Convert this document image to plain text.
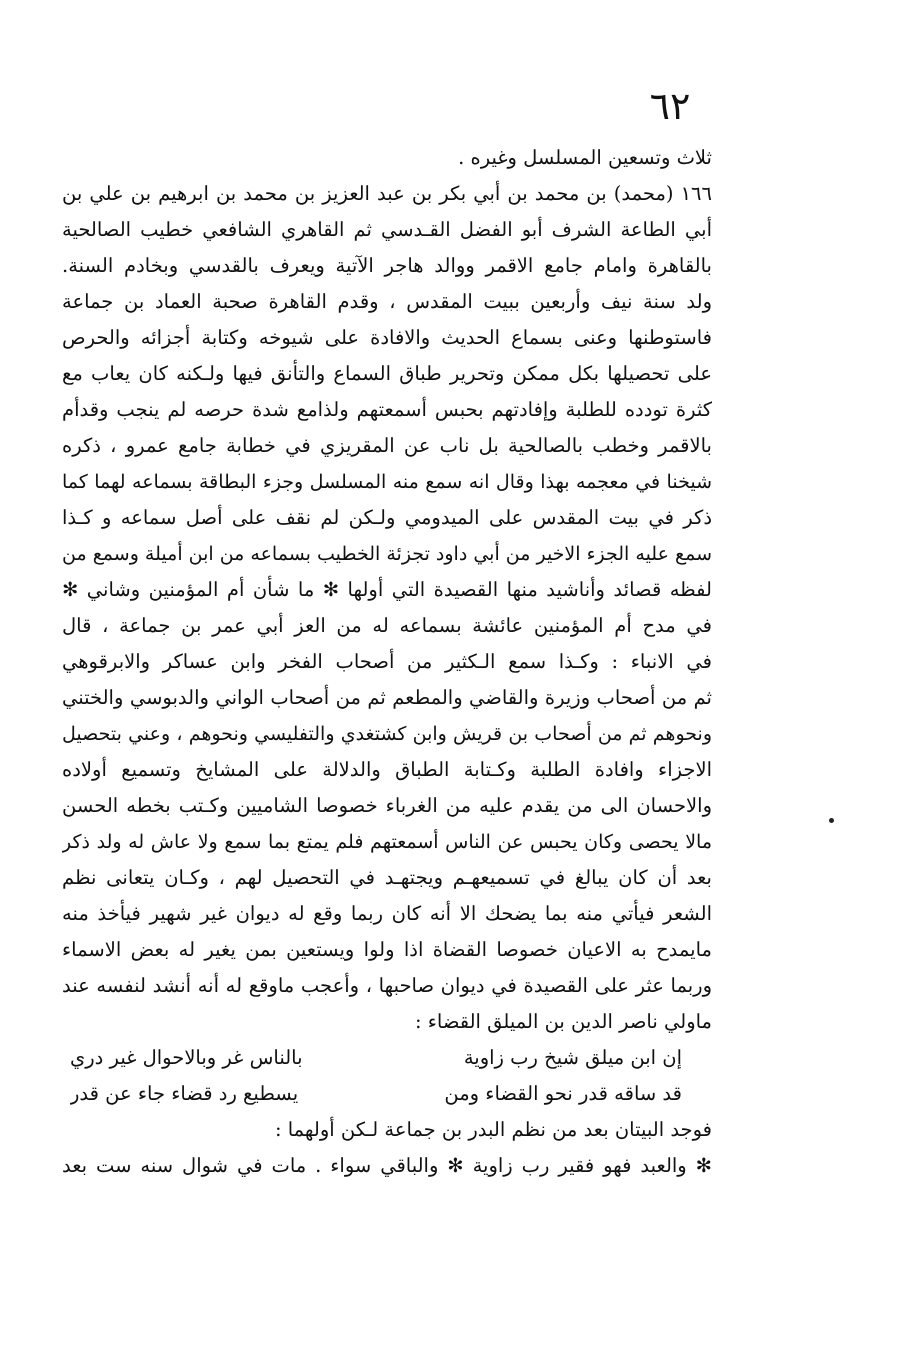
٦٢
ثلاث وتسعين المسلسل وغيره .
١٦٦ (محمد) بن محمد بن أبي بكر بن عبد العزيز بن محمد بن ابرهيم بن علي بن
أبي الطاعة الشرف أبو الفضل القـدسي ثم القاهري الشافعي خطيب الصالحية
بالقاهرة وامام جامع الاقمر ووالد هاجر الآتية ويعرف بالقدسي وبخادم السنة.
ولد سنة نيف وأربعين ببيت المقدس ، وقدم القاهرة صحبة العماد بن جماعة
فاستوطنها وعنى بسماع الحديث والافادة على شيوخه وكتابة أجزائه والحرص
على تحصيلها بكل ممكن وتحرير طباق السماع والتأنق فيها ولـكنه كان يعاب مع
كثرة تودده للطلبة وإفادتهم بحبس أسمعتهم ولذامع شدة حرصه لم ينجب وقدأم
بالاقمر وخطب بالصالحية بل ناب عن المقريزي في خطابة جامع عمرو ، ذكره
شيخنا في معجمه بهذا وقال انه سمع منه المسلسل وجزء البطاقة بسماعه لهما كما
ذكر في بيت المقدس على الميدومي ولـكن لم نقف على أصل سماعه و كـذا
سمع عليه الجزء الاخير من أبي داود تجزئة الخطيب بسماعه من ابن أميلة وسمع من
لفظه قصائد وأناشيد منها القصيدة التي أولها ✻ ما شأن أم المؤمنين وشاني ✻
في مدح أم المؤمنين عائشة بسماعه له من العز أبي عمر بن جماعة ، قال
في الانباء : وكـذا سمع الـكثير من أصحاب الفخر وابن عساكر والابرقوهي
ثم من أصحاب وزيرة والقاضي والمطعم ثم من أصحاب الواني والدبوسي والختني
ونحوهم ثم من أصحاب بن قريش وابن كشتغدي والتفليسي ونحوهم ، وعني بتحصيل
الاجزاء وافادة الطلبة وكـتابة الطباق والدلالة على المشايخ وتسميع أولاده
والاحسان الى من يقدم عليه من الغرباء خصوصا الشاميين وكـتب بخطه الحسن
مالا يحصى وكان يحبس عن الناس أسمعتهم فلم يمتع بما سمع ولا عاش له ولد ذكر
بعد أن كان يبالغ في تسميعهـم ويجتهـد في التحصيل لهم ، وكـان يتعانى نظم
الشعر فيأتي منه بما يضحك الا أنه كان ربما وقع له ديوان غير شهير فيأخذ منه
مايمدح به الاعيان خصوصا القضاة اذا ولوا ويستعين بمن يغير له بعض الاسماء
وربما عثر على القصيدة في ديوان صاحبها ، وأعجب ماوقع له أنه أنشد لنفسه عند
ماولي ناصر الدين بن الميلق القضاء :
إن ابن ميلق شيخ رب زاوية
بالناس غر وبالاحوال غير دري
قد ساقه قدر نحو القضاء ومن
يسطيع رد قضاء جاء عن قدر
فوجد البيتان بعد من نظم البدر بن جماعة لـكن أولهما :
✻ والعبد فهو فقير رب زاوية ✻ والباقي سواء . مات في شوال سنه ست بعد
